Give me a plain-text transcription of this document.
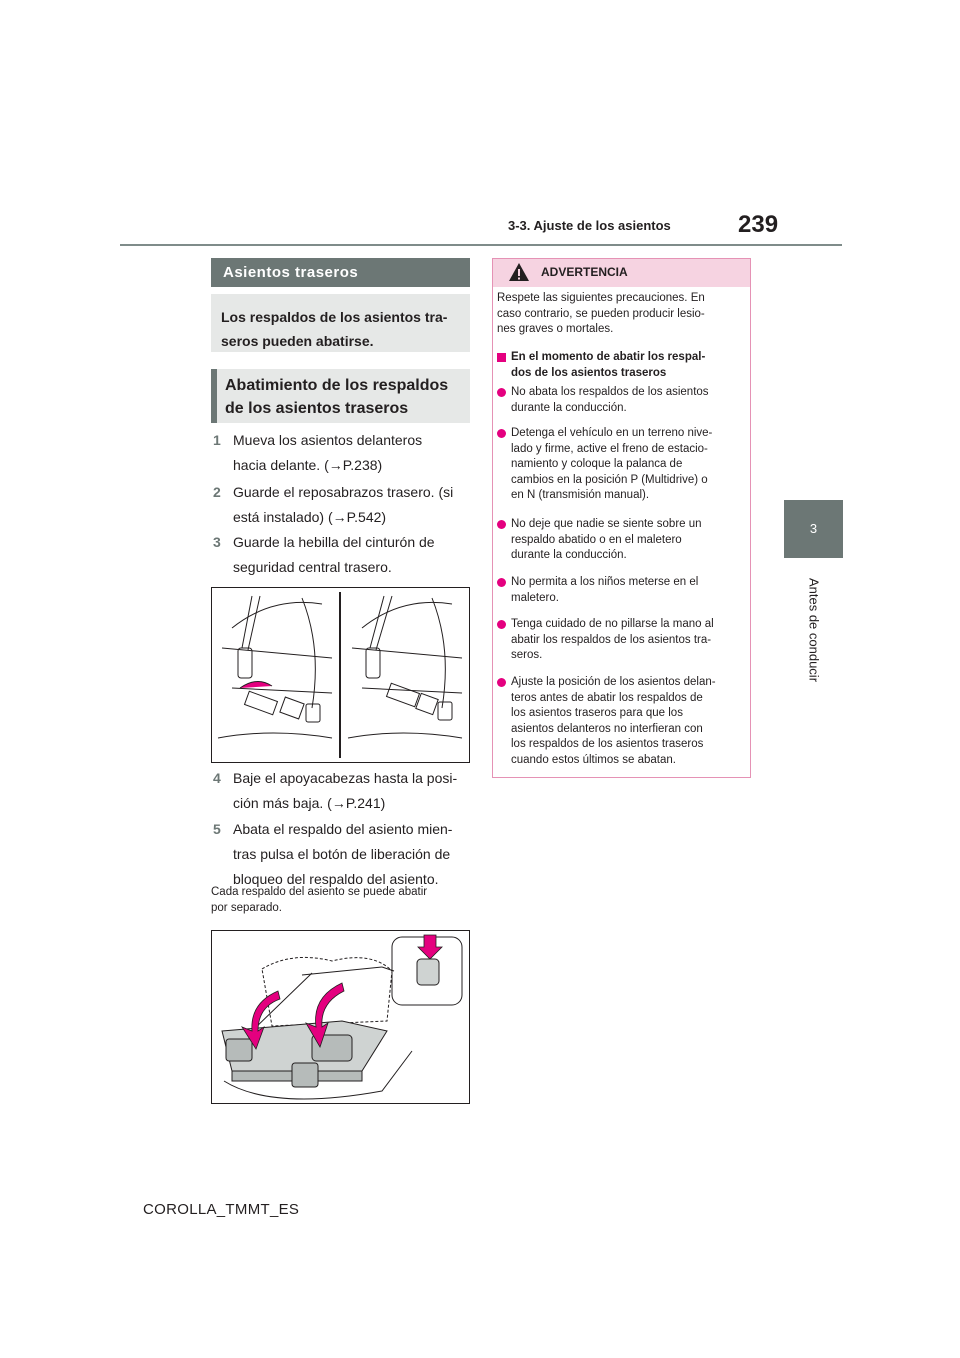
3-3. Ajuste de los asientos	239
3
Antes de conducir
Asientos traseros
Los respaldos de los asientos tra-
seros pueden abatirse.
Abatimiento de los respaldos
de los asientos traseros
1 Mueva los asientos delanteros
hacia delante. (→P.238)
2 Guarde el reposabrazos trasero. (si
está instalado) (→P.542)
3 Guarde la hebilla del cinturón de
seguridad central trasero.
4 Baje el apoyacabezas hasta la posi-
ción más baja. (→P.241)
5 Abata el respaldo del asiento mien-
tras pulsa el botón de liberación de
bloqueo del respaldo del asiento.
Cada respaldo del asiento se puede abatir
por separado.
ADVERTENCIA
Respete las siguientes precauciones. En
caso contrario, se pueden producir lesio-
nes graves o mortales.
En el momento de abatir los respal-
dos de los asientos traseros
No abata los respaldos de los asientos
durante la conducción.
Detenga el vehículo en un terreno nive-
lado y firme, active el freno de estacio-
namiento y coloque la palanca de
cambios en la posición P (Multidrive) o
en N (transmisión manual).
No deje que nadie se siente sobre un
respaldo abatido o en el maletero
durante la conducción.
No permita a los niños meterse en el
maletero.
Tenga cuidado de no pillarse la mano al
abatir los respaldos de los asientos tra-
seros.
Ajuste la posición de los asientos delan-
teros antes de abatir los respaldos de
los asientos traseros para que los
asientos delanteros no interfieran con
los respaldos de los asientos traseros
cuando estos últimos se abatan.
COROLLA_TMMT_ES
